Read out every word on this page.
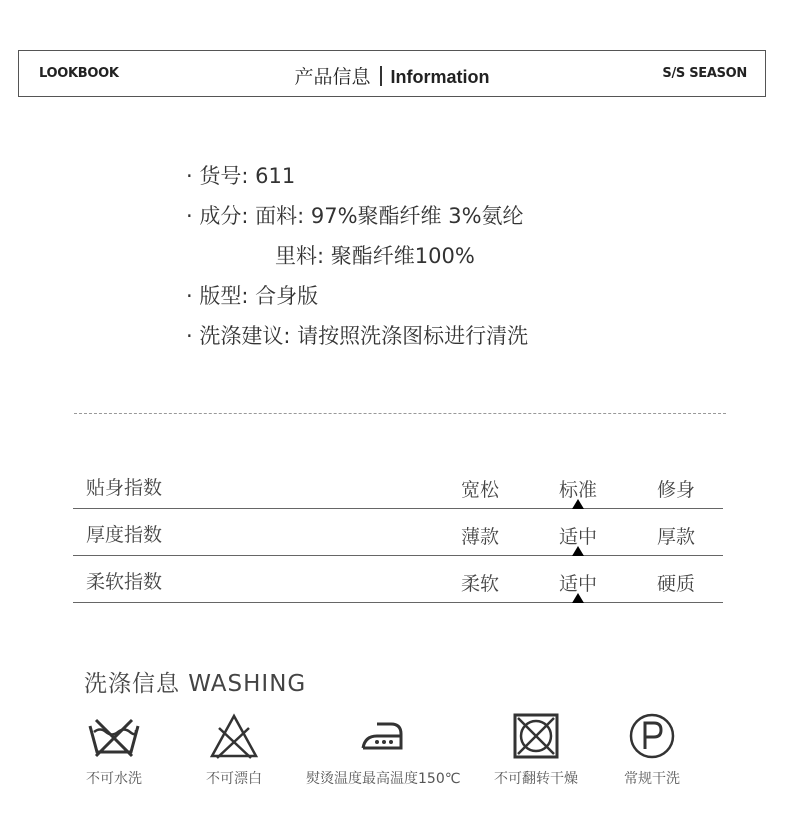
LOOKBOOK	产品信息 Information	S/S SEASON
· 货号: 611
· 成分: 面料: 97%聚酯纤维 3%氨纶
里料: 聚酯纤维100%
· 版型: 合身版
· 洗涤建议: 请按照洗涤图标进行清洗
贴身指数	宽松	标准	修身
厚度指数	薄款	适中	厚款
柔软指数	柔软	适中	硬质
洗涤信息 WASHING
不可水洗	不可漂白	熨烫温度最高温度150℃	不可翻转干燥	常规干洗
